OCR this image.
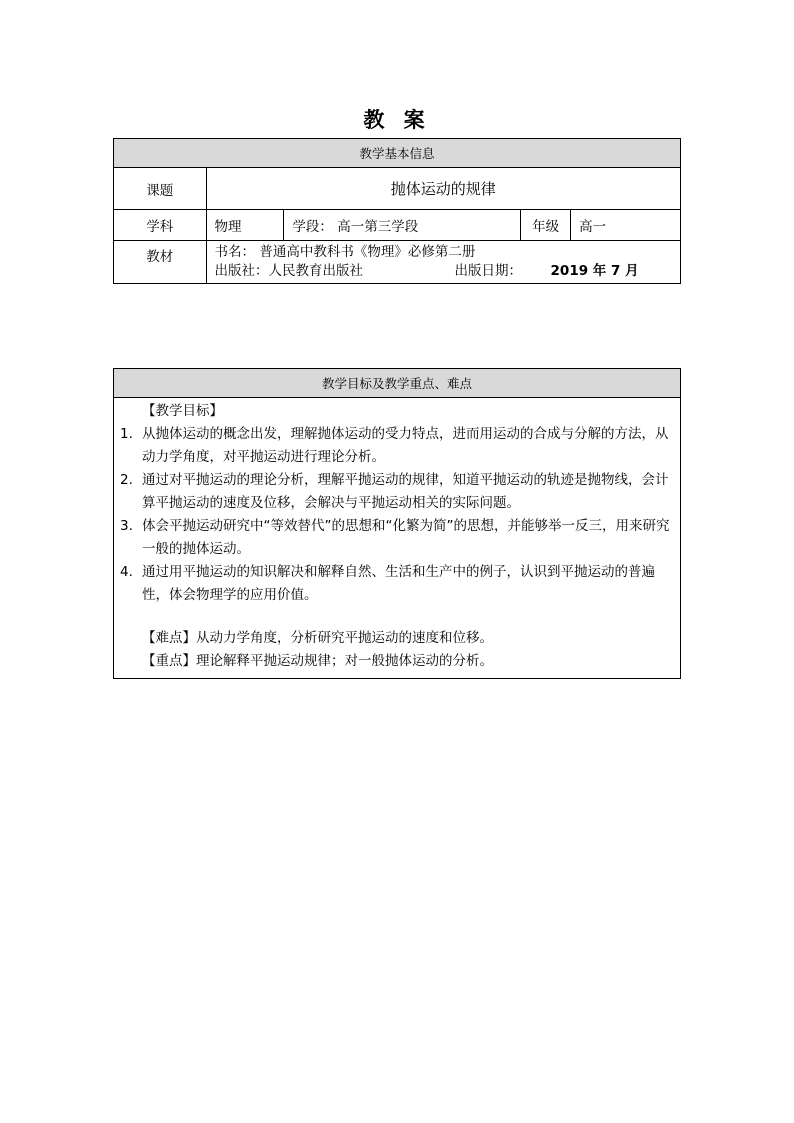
教 案
教学基本信息				
课题	抛体运动的规律			
学科	物理	学段： 高一第三学段	年级	高一
教材	书名： 普通高中教科书《物理》必修第二册
出版社：人民教育出版社 出版日期： 2019 年 7 月			
教学目标及教学重点、难点

【教学目标】
1. 从抛体运动的概念出发，理解抛体运动的受力特点，进而用运动的合成与分解的方法，从动力学角度，对平抛运动进行理论分析。
2. 通过对平抛运动的理论分析，理解平抛运动的规律，知道平抛运动的轨迹是抛物线，会计算平抛运动的速度及位移，会解决与平抛运动相关的实际问题。
3. 体会平抛运动研究中“等效替代”的思想和“化繁为简”的思想，并能够举一反三，用来研究一般的抛体运动。
4. 通过用平抛运动的知识解决和解释自然、生活和生产中的例子，认识到平抛运动的普遍性，体会物理学的应用价值。
【难点】从动力学角度，分析研究平抛运动的速度和位移。
【重点】理论解释平抛运动规律；对一般抛体运动的分析。
